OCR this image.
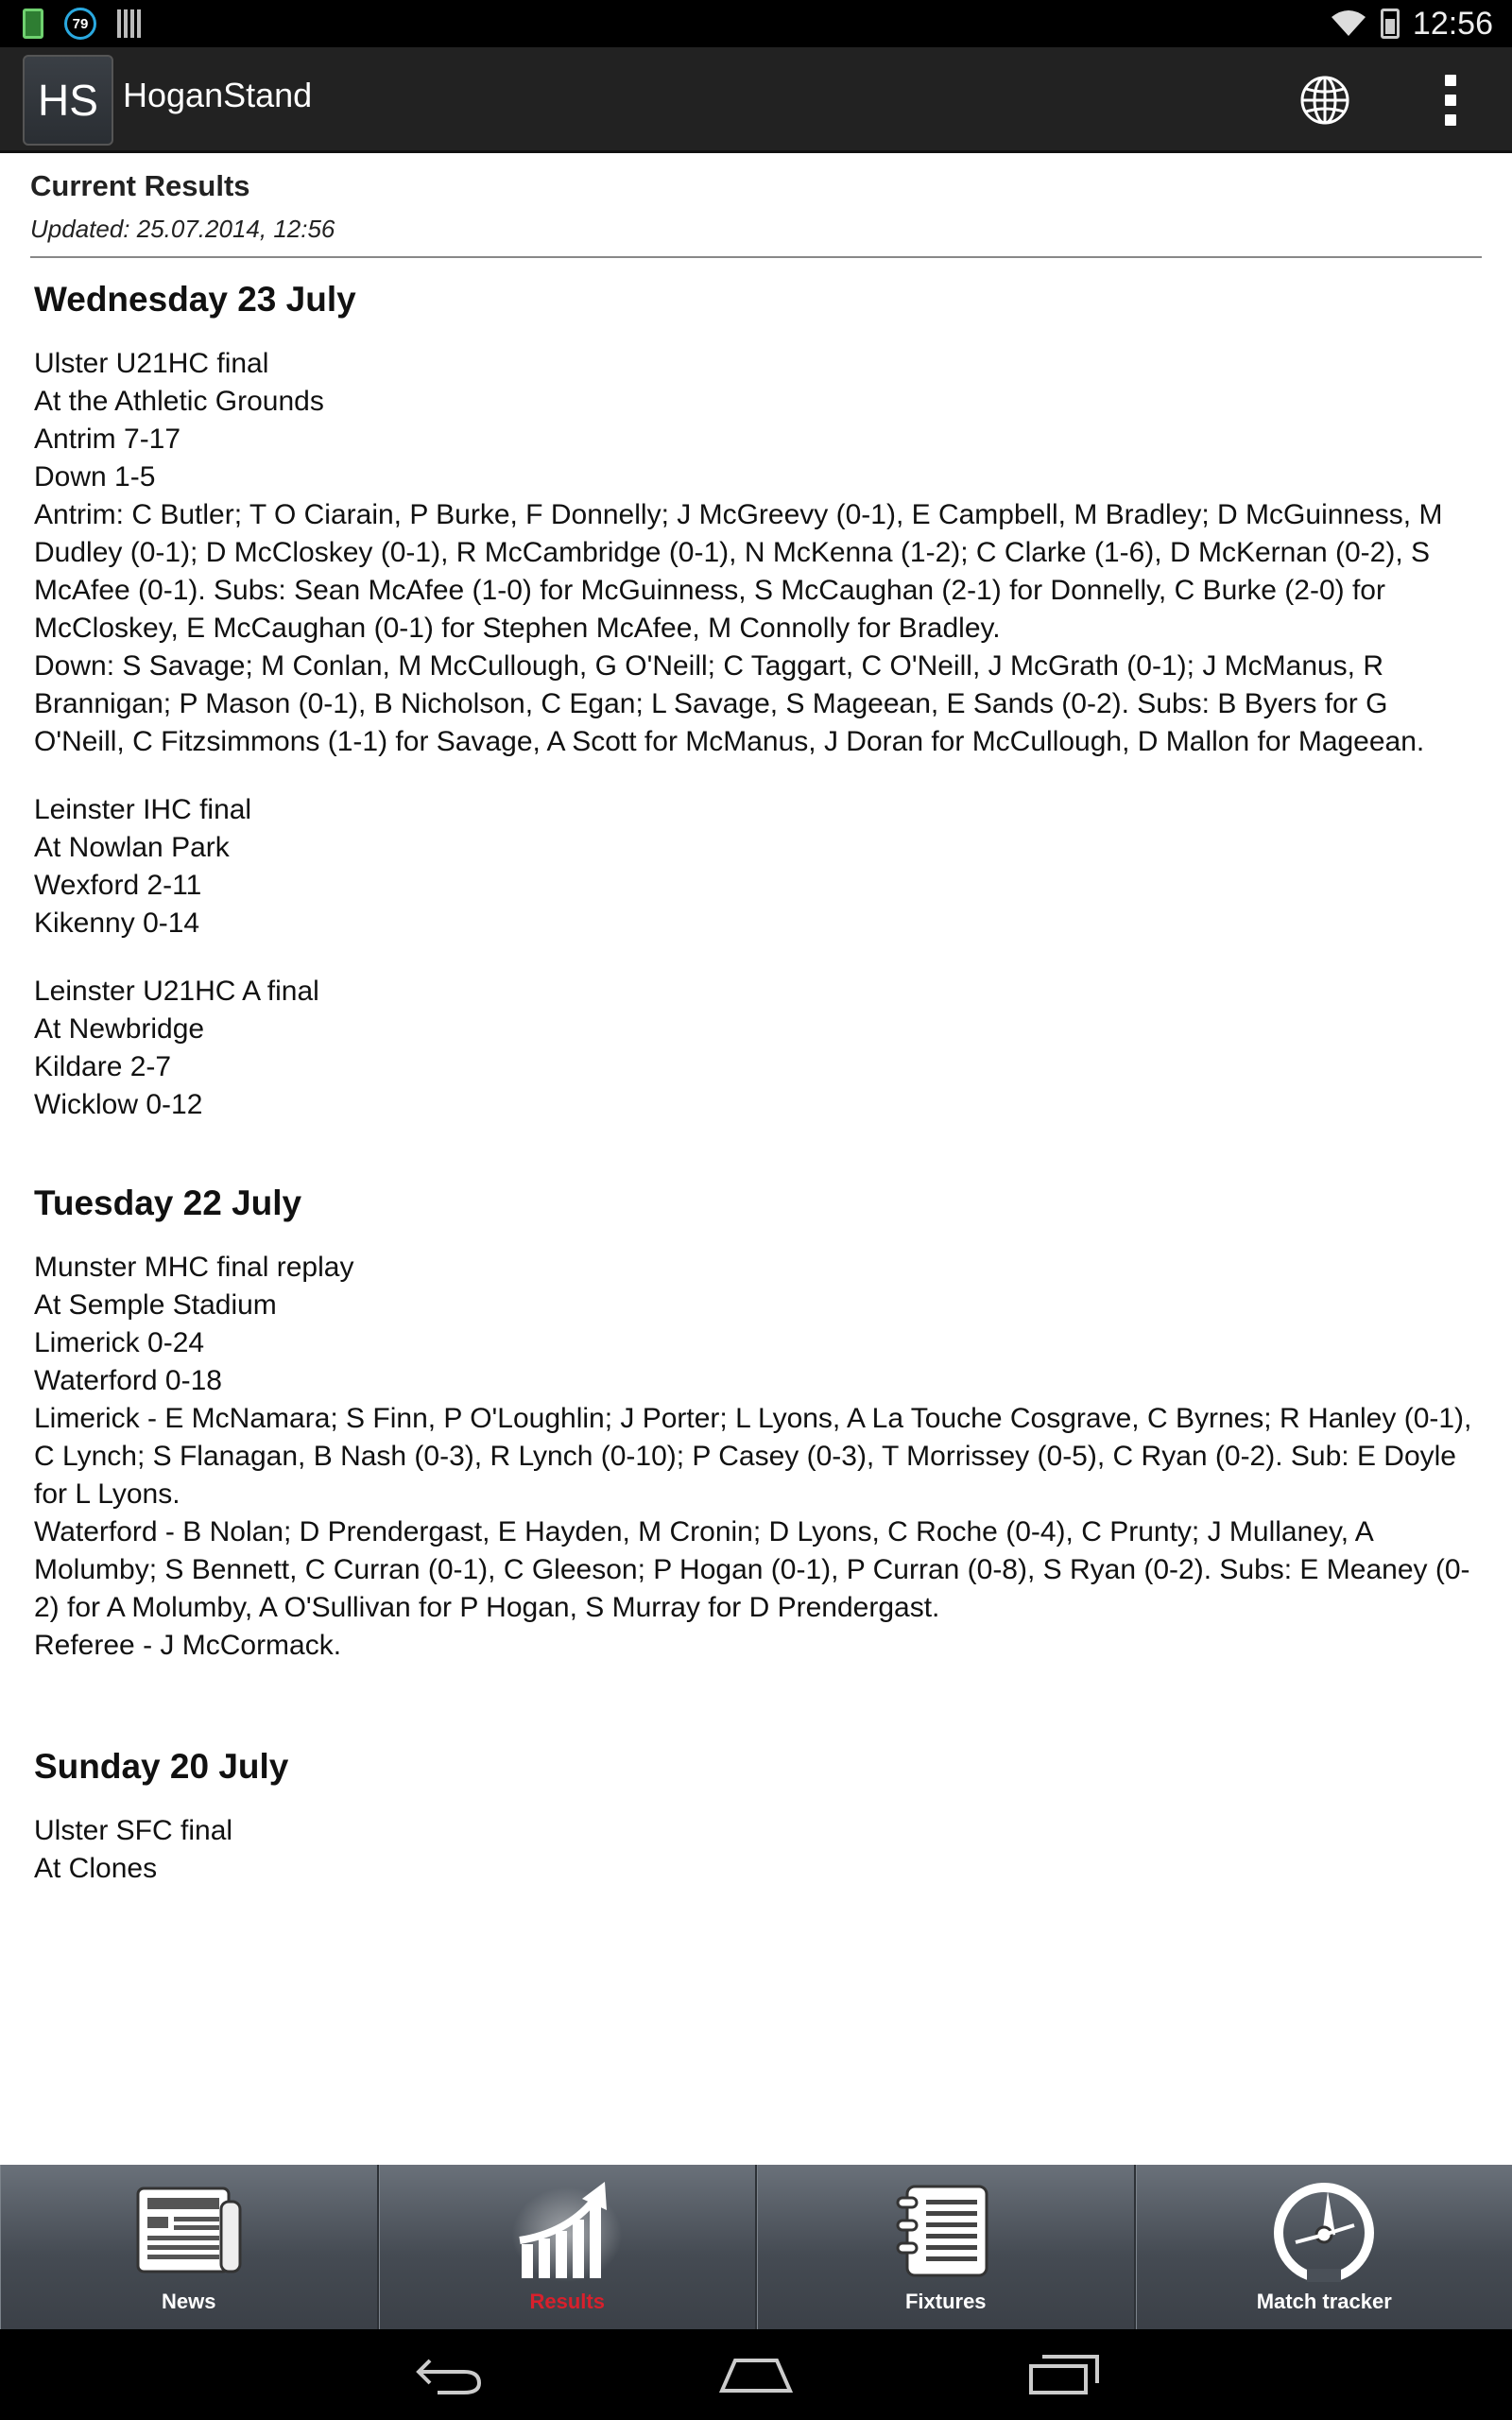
79	12:56
HS HoganStand
Current Results
Updated: 25.07.2014, 12:56
Wednesday 23 July
Ulster U21HC final
At the Athletic Grounds
Antrim 7-17
Down 1-5
Antrim: C Butler; T O Ciarain, P Burke, F Donnelly; J McGreevy (0-1), E Campbell, M Bradley; D McGuinness, M Dudley (0-1); D McCloskey (0-1), R McCambridge (0-1), N McKenna (1-2); C Clarke (1-6), D McKernan (0-2), S McAfee (0-1). Subs: Sean McAfee (1-0) for McGuinness, S McCaughan (2-1) for Donnelly, C Burke (2-0) for McCloskey, E McCaughan (0-1) for Stephen McAfee, M Connolly for Bradley.
Down: S Savage; M Conlan, M McCullough, G O'Neill; C Taggart, C O'Neill, J McGrath (0-1); J McManus, R Brannigan; P Mason (0-1), B Nicholson, C Egan; L Savage, S Mageean, E Sands (0-2). Subs: B Byers for G O'Neill, C Fitzsimmons (1-1) for Savage, A Scott for McManus, J Doran for McCullough, D Mallon for Mageean.
Leinster IHC final
At Nowlan Park
Wexford 2-11
Kikenny 0-14
Leinster U21HC A final
At Newbridge
Kildare 2-7
Wicklow 0-12
Tuesday 22 July
Munster MHC final replay
At Semple Stadium
Limerick 0-24
Waterford 0-18
Limerick - E McNamara; S Finn, P O'Loughlin; J Porter; L Lyons, A La Touche Cosgrave, C Byrnes; R Hanley (0-1), C Lynch; S Flanagan, B Nash (0-3), R Lynch (0-10); P Casey (0-3), T Morrissey (0-5), C Ryan (0-2). Sub: E Doyle for L Lyons.
Waterford - B Nolan; D Prendergast, E Hayden, M Cronin; D Lyons, C Roche (0-4), C Prunty; J Mullaney, A Molumby; S Bennett, C Curran (0-1), C Gleeson; P Hogan (0-1), P Curran (0-8), S Ryan (0-2). Subs: E Meaney (0-2) for A Molumby, A O'Sullivan for P Hogan, S Murray for D Prendergast.
Referee - J McCormack.
Sunday 20 July
Ulster SFC final
At Clones
News	Results	Fixtures	Match tracker
